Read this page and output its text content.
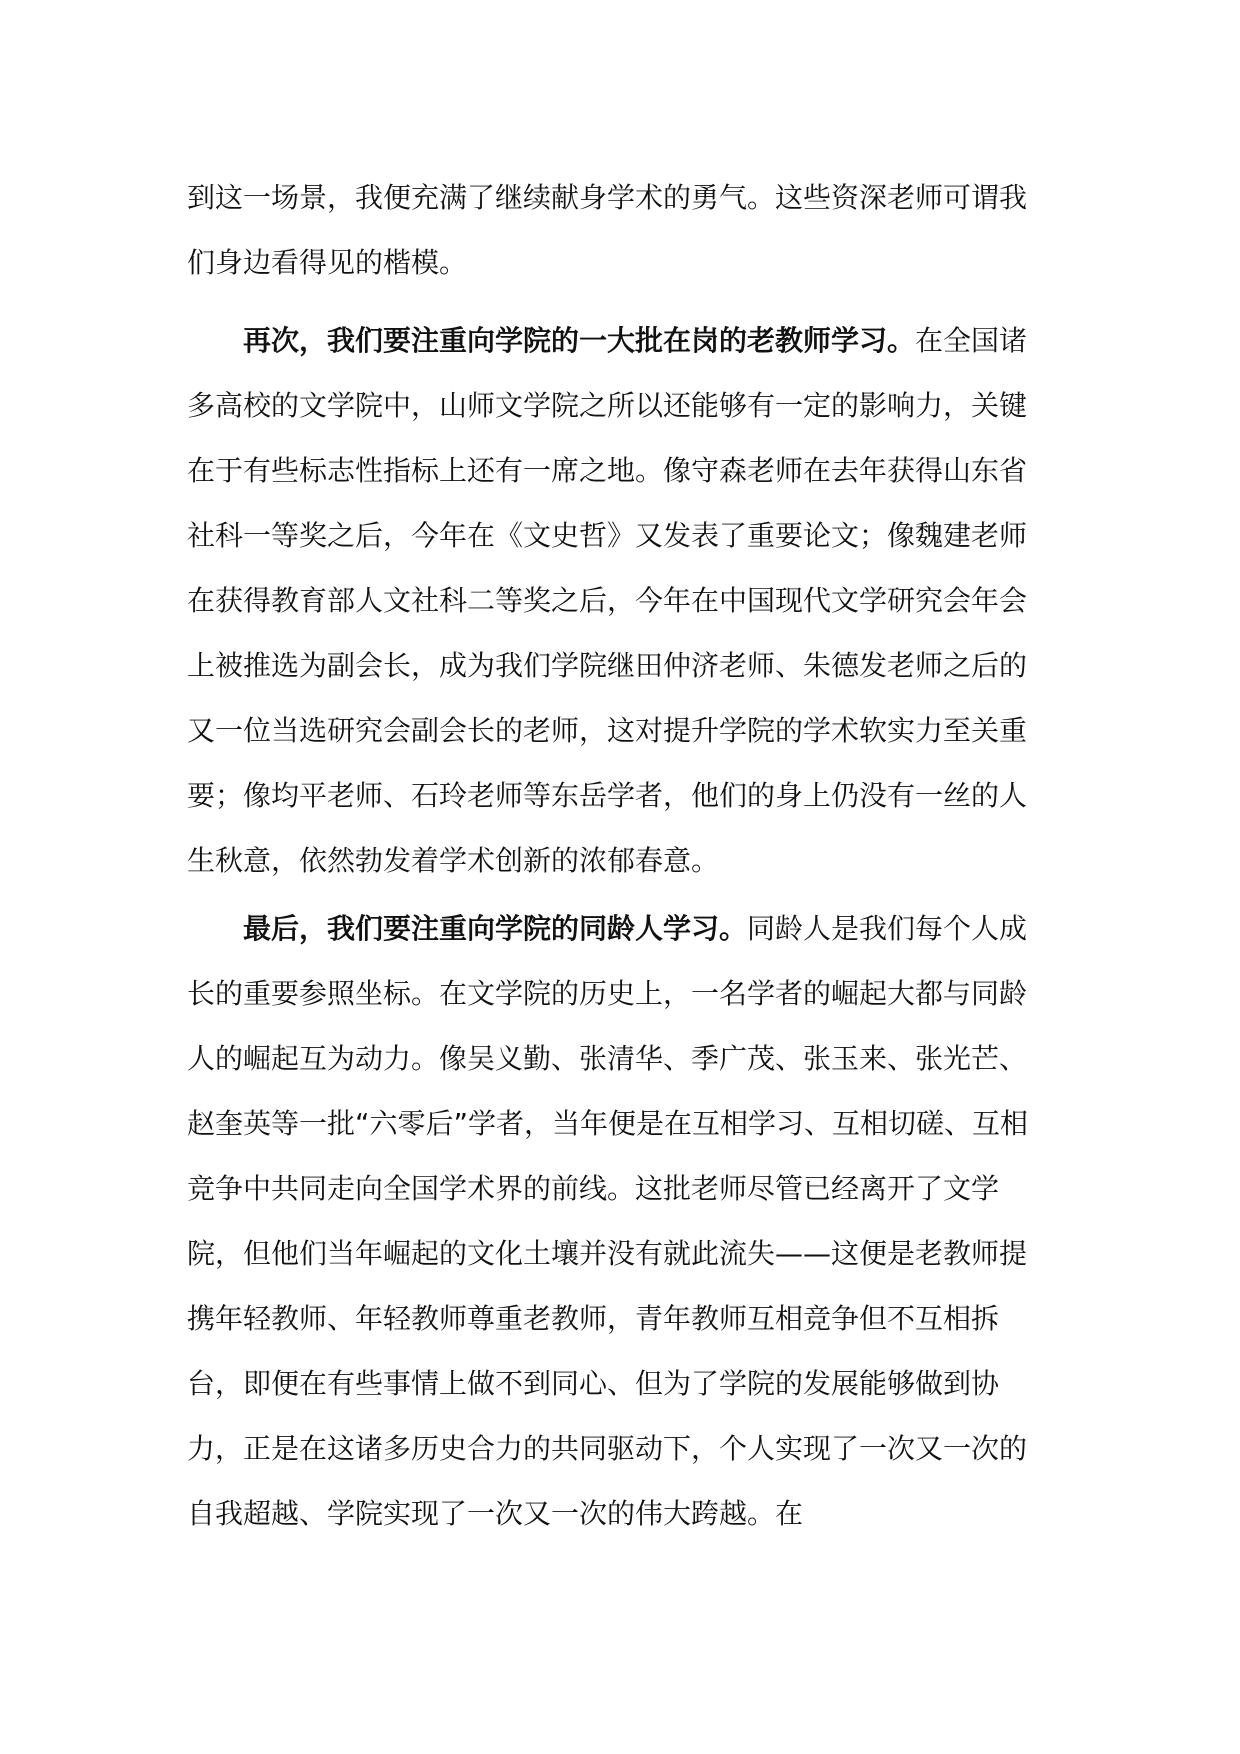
到这一场景，我便充满了继续献身学术的勇气。这些资深老师可谓我们身边看得见的楷模。

再次，我们要注重向学院的一大批在岗的老教师学习。在全国诸多高校的文学院中，山师文学院之所以还能够有一定的影响力，关键在于有些标志性指标上还有一席之地。像守森老师在去年获得山东省社科一等奖之后，今年在《文史哲》又发表了重要论文；像魏建老师在获得教育部人文社科二等奖之后，今年在中国现代文学研究会年会上被推选为副会长，成为我们学院继田仲济老师、朱德发老师之后的又一位当选研究会副会长的老师，这对提升学院的学术软实力至关重要；像均平老师、石玲老师等东岳学者，他们的身上仍没有一丝的人生秋意，依然勃发着学术创新的浓郁春意。

最后，我们要注重向学院的同龄人学习。同龄人是我们每个人成长的重要参照坐标。在文学院的历史上，一名学者的崛起大都与同龄人的崛起互为动力。像吴义勤、张清华、季广茂、张玉来、张光芒、赵奎英等一批“六零后”学者，当年便是在互相学习、互相切磋、互相竞争中共同走向全国学术界的前线。这批老师尽管已经离开了文学院，但他们当年崛起的文化土壤并没有就此流失——这便是老教师提携年轻教师、年轻教师尊重老教师，青年教师互相竞争但不互相拆台，即便在有些事情上做不到同心、但为了学院的发展能够做到协力，正是在这诸多历史合力的共同驱动下，个人实现了一次又一次的自我超越、学院实现了一次又一次的伟大跨越。在
